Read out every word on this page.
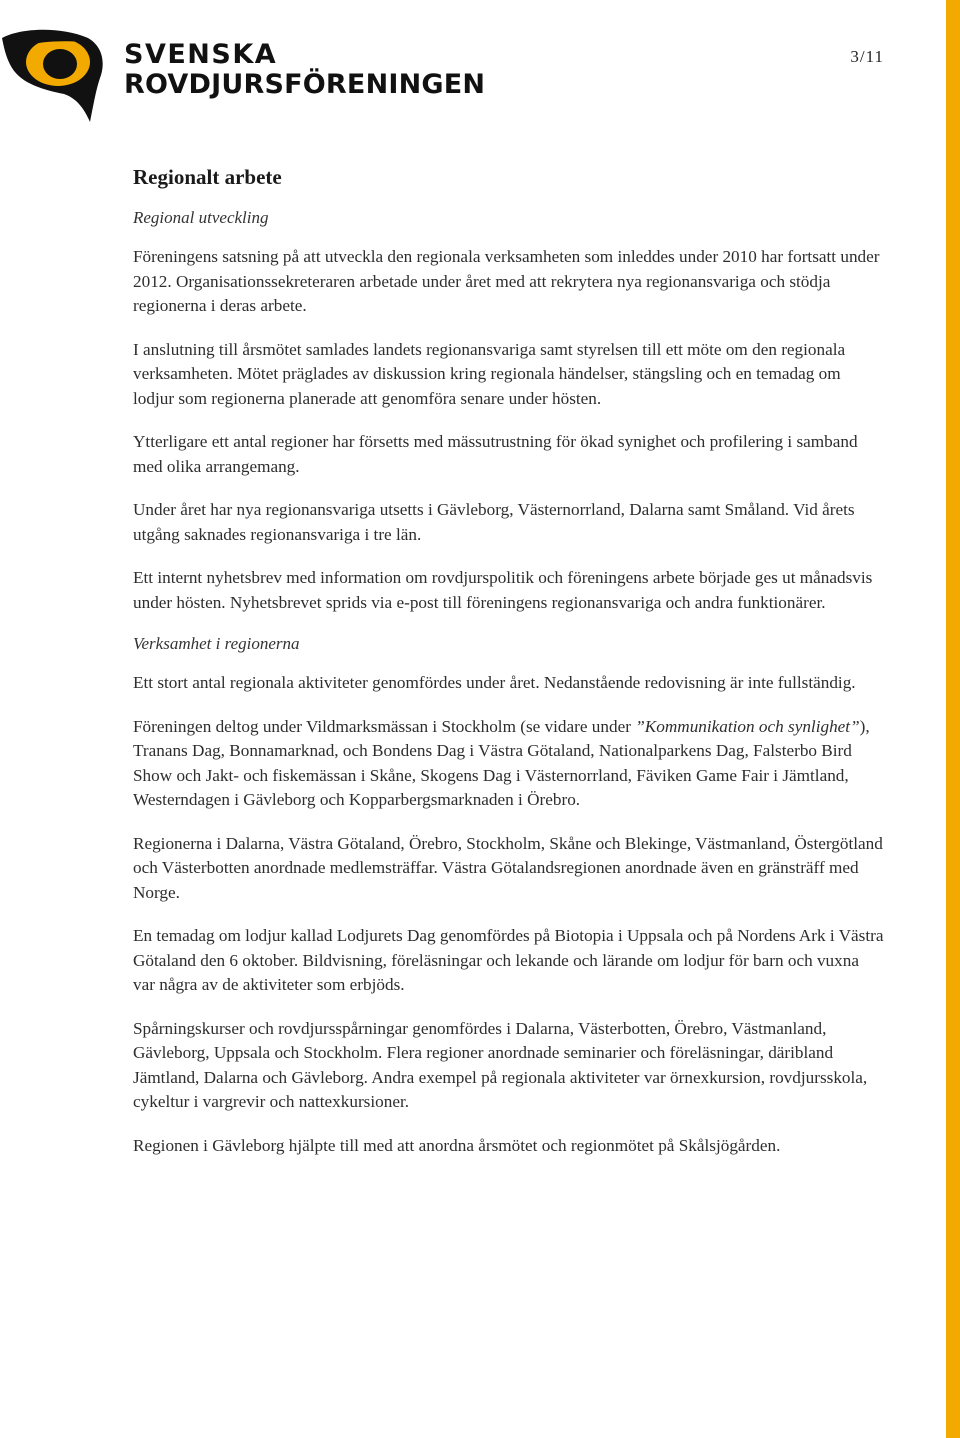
SVENSKA
ROVDJURSFÖRENINGEN
3/11
Regionalt arbete
Regional utveckling

Föreningens satsning på att utveckla den regionala verksamheten som inleddes under 2010 har fortsatt under 2012. Organisationssekreteraren arbetade under året med att rekrytera nya regionansvariga och stödja regionerna i deras arbete.

I anslutning till årsmötet samlades landets regionansvariga samt styrelsen till ett möte om den regionala verksamheten. Mötet präglades av diskussion kring regionala händelser, stängsling och en temadag om lodjur som regionerna planerade att genomföra senare under hösten.

Ytterligare ett antal regioner har försetts med mässutrustning för ökad synighet och profilering i samband med olika arrangemang.

Under året har nya regionansvariga utsetts i Gävleborg, Västernorrland, Dalarna samt Småland. Vid årets utgång saknades regionansvariga i tre län.

Ett internt nyhetsbrev med information om rovdjurspolitik och föreningens arbete började ges ut månadsvis under hösten. Nyhetsbrevet sprids via e-post till föreningens regionansvariga och andra funktionärer.

Verksamhet i regionerna

Ett stort antal regionala aktiviteter genomfördes under året. Nedanstående redovisning är inte fullständig.

Föreningen deltog under Vildmarksmässan i Stockholm (se vidare under ”Kommunikation och synlighet”), Tranans Dag, Bonnamarknad, och Bondens Dag i Västra Götaland, Nationalparkens Dag, Falsterbo Bird Show och Jakt- och fiskemässan i Skåne, Skogens Dag i Västernorrland, Fäviken Game Fair i Jämtland, Westerndagen i Gävleborg och Kopparbergsmarknaden i Örebro.

Regionerna i Dalarna, Västra Götaland, Örebro, Stockholm, Skåne och Blekinge, Västmanland, Östergötland och Västerbotten anordnade medlemsträffar. Västra Götalandsregionen anordnade även en gränsträff med Norge.

En temadag om lodjur kallad Lodjurets Dag genomfördes på Biotopia i Uppsala och på Nordens Ark i Västra Götaland den 6 oktober. Bildvisning, föreläsningar och lekande och lärande om lodjur för barn och vuxna var några av de aktiviteter som erbjöds.

Spårningskurser och rovdjursspårningar genomfördes i Dalarna, Västerbotten, Örebro, Västmanland, Gävleborg, Uppsala och Stockholm. Flera regioner anordnade seminarier och föreläsningar, däribland Jämtland, Dalarna och Gävleborg. Andra exempel på regionala aktiviteter var örnexkursion, rovdjursskola, cykeltur i vargrevir och nattexkursioner.

Regionen i Gävleborg hjälpte till med att anordna årsmötet och regionmötet på Skålsjögården.
